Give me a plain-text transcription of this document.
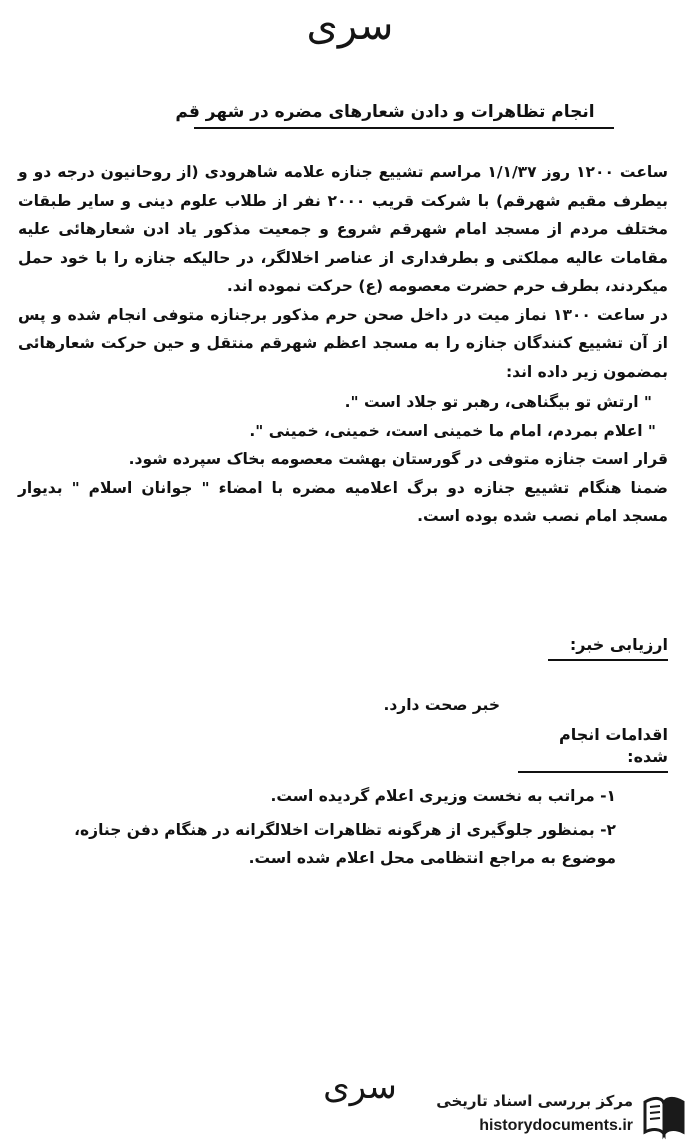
سری
انجام تظاهرات و دادن شعارهای مضره در شهر قم

ساعت ۱۲۰۰ روز ۱/۱/۳۷ مراسم تشییع جنازه علامه شاهرودی (از روحانیون درجه دو و بیطرف مقیم شهرقم) با شرکت قریب ۲۰۰۰ نفر از طلاب علوم دینی و سایر طبقات مختلف مردم از مسجد امام شهرقم شروع و جمعیت مذکور یاد ادن شعارهائی علیه مقامات عالیه مملکتی و بطرفداری از عناصر اخلالگر، در حالیکه جنازه را با خود حمل میکردند، بطرف حرم حضرت معصومه (ع) حرکت نموده اند.

در ساعت ۱۳۰۰ نماز میت در داخل صحن حرم مذکور برجنازه متوفی انجام شده و پس از آن تشییع کنندگان جنازه را به مسجد اعظم شهرقم منتقل و حین حرکت شعارهائی بمضمون زیر داده اند:

" ارتش تو بیگناهی، رهبر تو جلاد است ".

" اعلام بمردم، امام ما خمینی است، خمینی، خمینی ".

قرار است جنازه متوفی در گورستان بهشت معصومه بخاک سپرده شود.

ضمنا هنگام تشییع جنازه دو برگ اعلامیه مضره با امضاء " جوانان اسلام " بدیوار مسجد امام نصب شده بوده است.

ارزیابی خبر:
خبر صحت دارد.
اقدامات انجام شده:

۱- مراتب به نخست وزیری اعلام گردیده است.

۲- بمنظور جلوگیری از هرگونه تظاهرات اخلالگرانه در هنگام دفن جنازه، موضوع به مراجع انتظامی محل اعلام شده است.

سری	مرکز بررسی اسناد تاریخی
historydocuments.ir
